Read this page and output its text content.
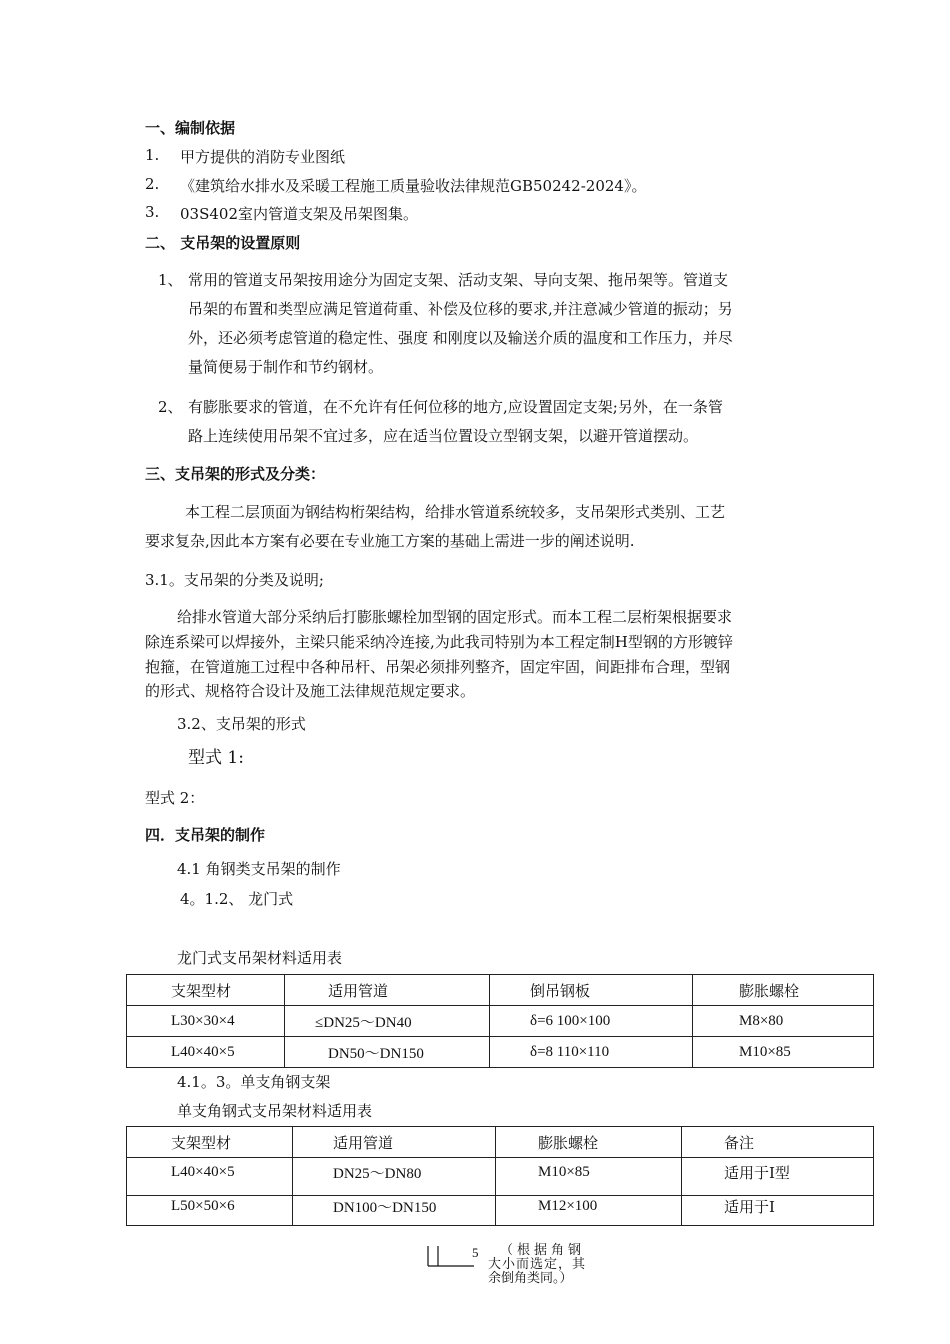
一、编制依据
1. 甲方提供的消防专业图纸
2. 《建筑给水排水及采暖工程施工质量验收法律规范GB50242-2024》。
3. 03S402室内管道支架及吊架图集。
二、 支吊架的设置原则
1、 常用的管道支吊架按用途分为固定支架、活动支架、导向支架、拖吊架等。管道支
吊架的布置和类型应满足管道荷重、补偿及位移的要求,并注意减少管道的振动；另
外，还必须考虑管道的稳定性、强度 和刚度以及输送介质的温度和工作压力，并尽
量简便易于制作和节约钢材。
2、 有膨胀要求的管道，在不允许有任何位移的地方,应设置固定支架;另外，在一条管
路上连续使用吊架不宜过多，应在适当位置设立型钢支架，以避开管道摆动。
三、支吊架的形式及分类：
本工程二层顶面为钢结构桁架结构，给排水管道系统较多，支吊架形式类别、工艺
要求复杂,因此本方案有必要在专业施工方案的基础上需进一步的阐述说明.
3.1。支吊架的分类及说明;
给排水管道大部分采纳后打膨胀螺栓加型钢的固定形式。而本工程二层桁架根据要求
除连系梁可以焊接外，主梁只能采纳冷连接,为此我司特别为本工程定制H型钢的方形镀锌
抱箍，在管道施工过程中各种吊杆、吊架必须排列整齐，固定牢固，间距排布合理，型钢
的形式、规格符合设计及施工法律规范规定要求。
3.2、支吊架的形式
型式 1:
型式 2：
四．支吊架的制作
4.1 角钢类支吊架的制作
4。1.2、 龙门式
龙门式支吊架材料适用表
支架型材	适用管道	倒吊钢板	膨胀螺栓

L30×30×4	≤DN25～DN40	δ=6 100×100	M8×80

L40×40×5	DN50～DN150	δ=8 110×110	M10×85
4.1。3。单支角钢支架
单支角钢式支吊架材料适用表
支架型材	适用管道	膨胀螺栓	备注

L40×40×5	DN25～DN80	M10×85	适用于Ⅰ型

L50×50×6	DN100～DN150	M12×100	适用于Ⅰ
5 （根据角钢
大小而选定，其
余倒角类同。）
